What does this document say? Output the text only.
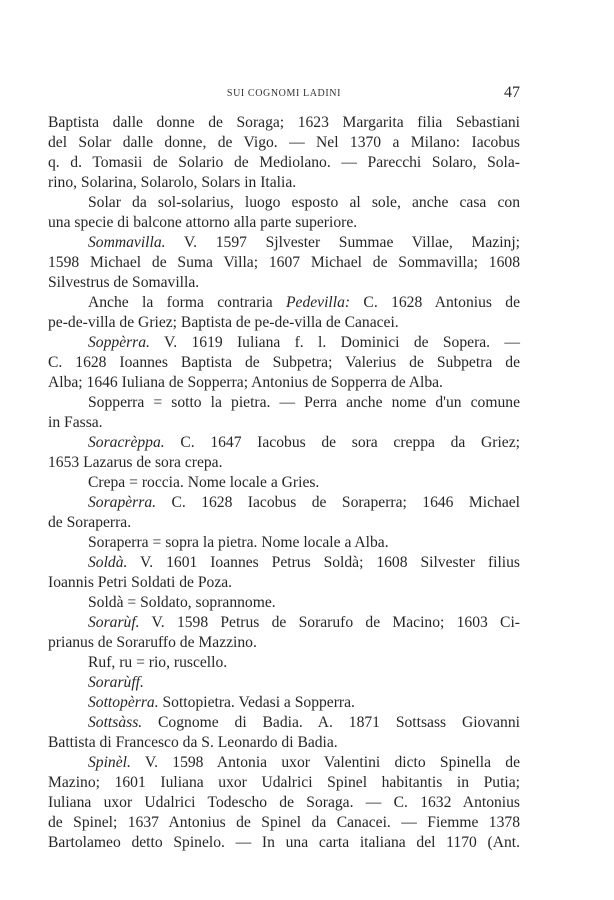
SUI COGNOMI LADINI	47
Baptista dalle donne de Soraga; 1623 Margarita filia Sebastiani
del Solar dalle donne, de Vigo. — Nel 1370 a Milano: Iacobus
q. d. Tomasii de Solario de Mediolano. — Parecchi Solaro, Sola-
rino, Solarina, Solarolo, Solars in Italia.
Solar da sol-solarius, luogo esposto al sole, anche casa con
una specie di balcone attorno alla parte superiore.
Sommavilla. V. 1597 Sjlvester Summae Villae, Mazinj;
1598 Michael de Suma Villa; 1607 Michael de Sommavilla; 1608
Silvestrus de Somavilla.
Anche la forma contraria Pedevilla: C. 1628 Antonius de
pe-de-villa de Griez; Baptista de pe-de-villa de Canacei.
Soppèrra. V. 1619 Iuliana f. l. Dominici de Sopera. —
C. 1628 Ioannes Baptista de Subpetra; Valerius de Subpetra de
Alba; 1646 Iuliana de Sopperra; Antonius de Sopperra de Alba.
Sopperra = sotto la pietra. — Perra anche nome d'un comune
in Fassa.
Soracrèppa. C. 1647 Iacobus de sora creppa da Griez;
1653 Lazarus de sora crepa.
Crepa = roccia. Nome locale a Gries.
Sorapèrra. C. 1628 Iacobus de Soraperra; 1646 Michael
de Soraperra.
Soraperra = sopra la pietra. Nome locale a Alba.
Soldà. V. 1601 Ioannes Petrus Soldà; 1608 Silvester filius
Ioannis Petri Soldati de Poza.
Soldà = Soldato, soprannome.
Sorarùf. V. 1598 Petrus de Sorarufo de Macino; 1603 Ci-
prianus de Soraruffo de Mazzino.
Ruf, ru = rio, ruscello.
Sorarùff.
Sottopèrra. Sottopietra. Vedasi a Sopperra.
Sottsàss. Cognome di Badia. A. 1871 Sottsass Giovanni
Battista di Francesco da S. Leonardo di Badia.
Spinèl. V. 1598 Antonia uxor Valentini dicto Spinella de
Mazino; 1601 Iuliana uxor Udalrici Spinel habitantis in Putia;
Iuliana uxor Udalrici Todescho de Soraga. — C. 1632 Antonius
de Spinel; 1637 Antonius de Spinel da Canacei. — Fiemme 1378
Bartolameo detto Spinelo. — In una carta italiana del 1170 (Ant.
